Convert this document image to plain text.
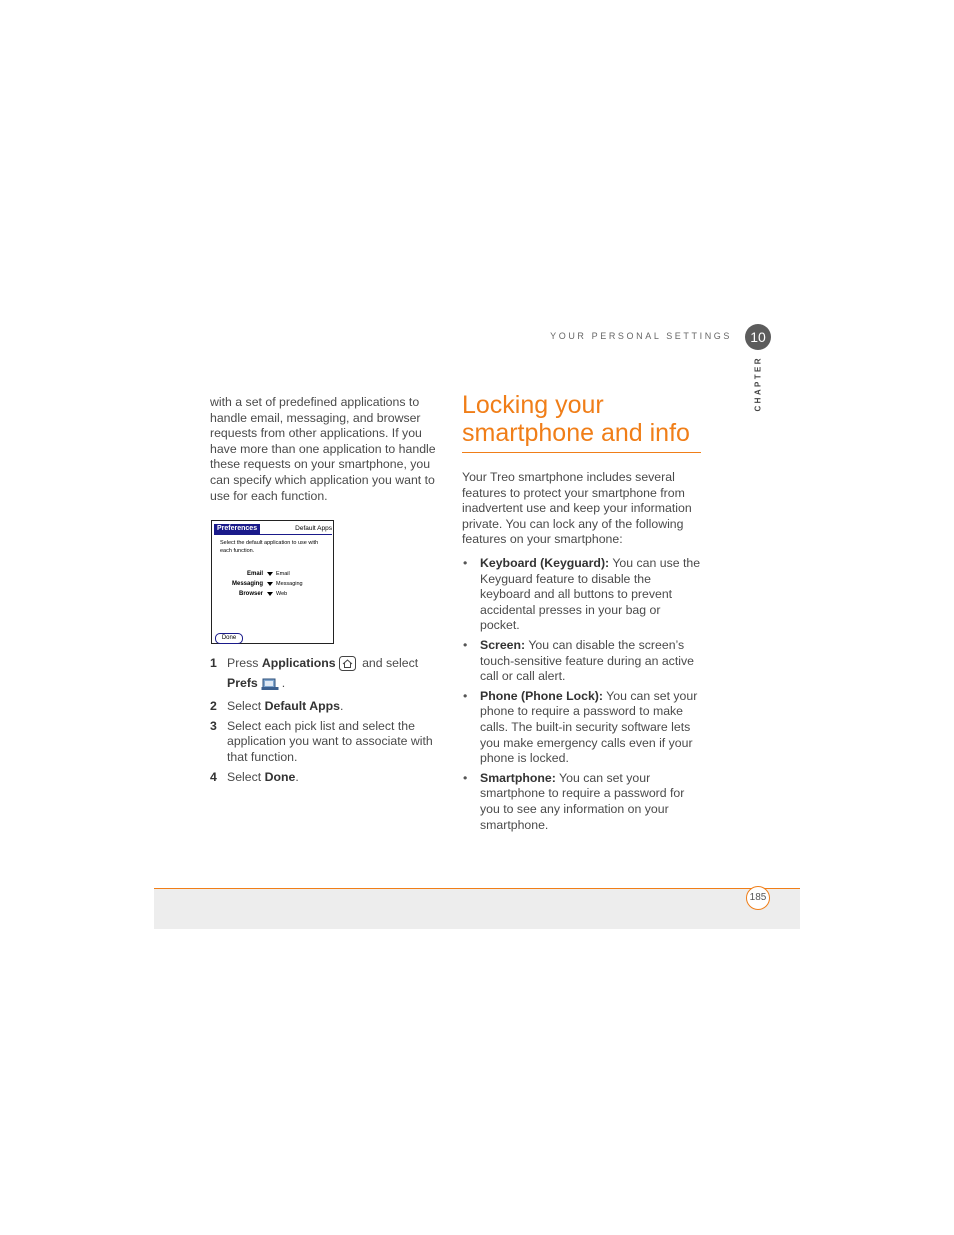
YOUR PERSONAL SETTINGS	10
CHAPTER

with a set of predefined applications to handle email, messaging, and browser requests from other applications. If you have more than one application to handle these requests on your smartphone, you can specify which application you want to use for each function.

Preferences	Default Apps
Select the default application to use with each function.
Email Email
Messaging Messaging
Browser Web
Done
1 Press Applications and select Prefs .
2 Select Default Apps.
3 Select each pick list and select the application you want to associate with that function.
4 Select Done.
Locking your smartphone and info

Your Treo smartphone includes several features to protect your smartphone from inadvertent use and keep your information private. You can lock any of the following features on your smartphone:

• Keyboard (Keyguard): You can use the Keyguard feature to disable the keyboard and all buttons to prevent accidental presses in your bag or pocket.
• Screen: You can disable the screen’s touch-sensitive feature during an active call or call alert.
• Phone (Phone Lock): You can set your phone to require a password to make calls. The built-in security software lets you make emergency calls even if your phone is locked.
• Smartphone: You can set your smartphone to require a password for you to see any information on your smartphone.
185
